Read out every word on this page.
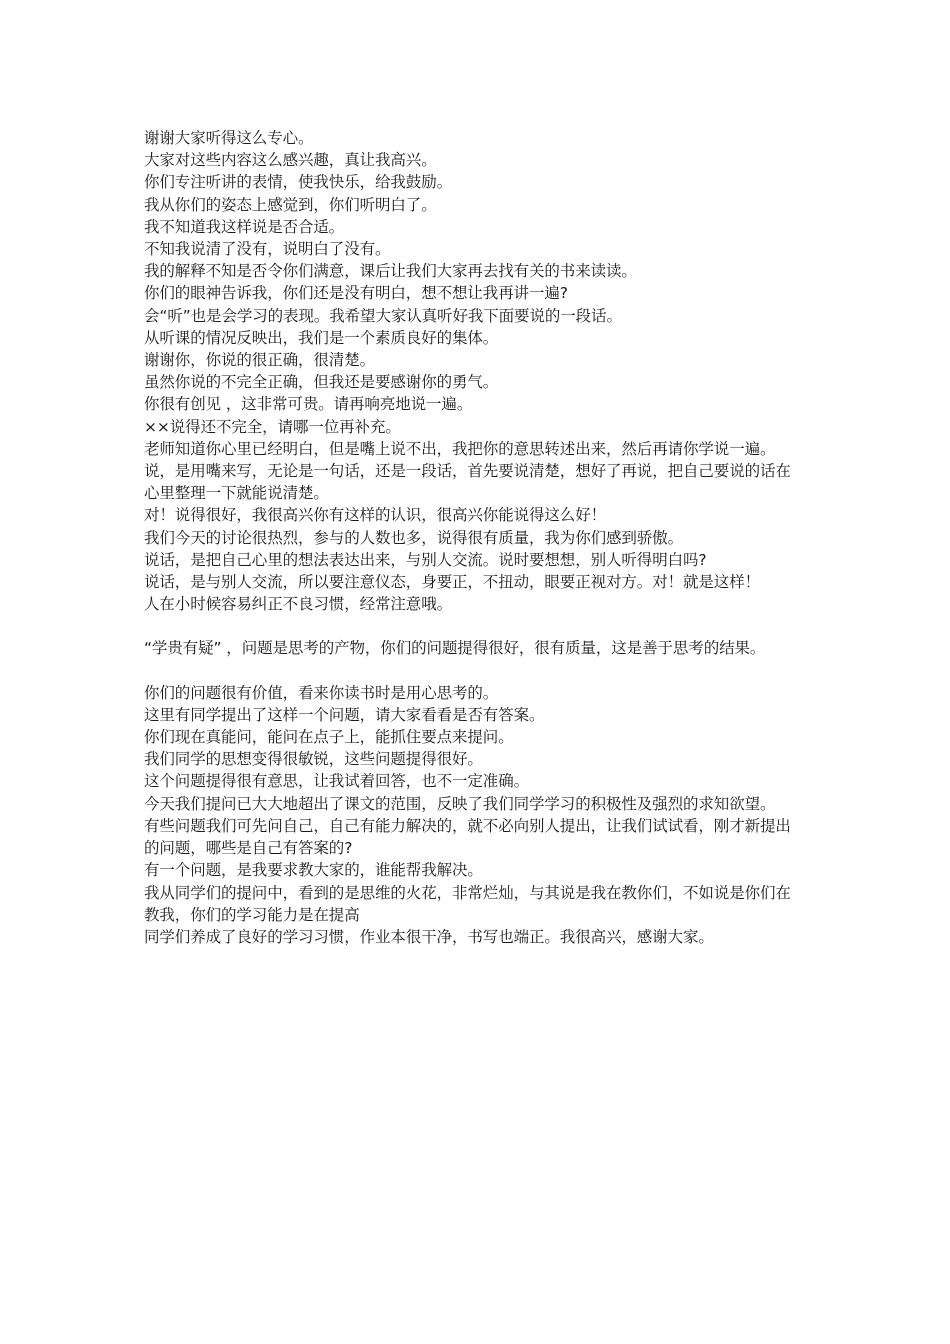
谢谢大家听得这么专心。

大家对这些内容这么感兴趣，真让我高兴。

你们专注听讲的表情，使我快乐，给我鼓励。

我从你们的姿态上感觉到，你们听明白了。

我不知道我这样说是否合适。

不知我说清了没有，说明白了没有。

我的解释不知是否令你们满意，课后让我们大家再去找有关的书来读读。

你们的眼神告诉我，你们还是没有明白，想不想让我再讲一遍?

会“听”也是会学习的表现。我希望大家认真听好我下面要说的一段话。

从听课的情况反映出，我们是一个素质良好的集体。

谢谢你，你说的很正确，很清楚。

虽然你说的不完全正确，但我还是要感谢你的勇气。

你很有创见 ，这非常可贵。请再响亮地说一遍。

××说得还不完全，请哪一位再补充。

老师知道你心里已经明白，但是嘴上说不出，我把你的意思转述出来，然后再请你学说一遍。

说，是用嘴来写，无论是一句话，还是一段话，首先要说清楚，想好了再说，把自己要说的话在心里整理一下就能说清楚。

对！说得很好，我很高兴你有这样的认识，很高兴你能说得这么好！

我们今天的讨论很热烈，参与的人数也多，说得很有质量，我为你们感到骄傲。

说话，是把自己心里的想法表达出来，与别人交流。说时要想想，别人听得明白吗?

说话，是与别人交流，所以要注意仪态，身要正，不扭动，眼要正视对方。对！就是这样！

人在小时候容易纠正不良习惯，经常注意哦。

“学贵有疑” ，问题是思考的产物，你们的问题提得很好，很有质量，这是善于思考的结果。

你们的问题很有价值，看来你读书时是用心思考的。

这里有同学提出了这样一个问题，请大家看看是否有答案。

你们现在真能问，能问在点子上，能抓住要点来提问。

我们同学的思想变得很敏锐，这些问题提得很好。

这个问题提得很有意思，让我试着回答，也不一定准确。

今天我们提问已大大地超出了课文的范围，反映了我们同学学习的积极性及强烈的求知欲望。

有些问题我们可先问自己，自己有能力解决的，就不必向别人提出，让我们试试看，刚才新提出的问题，哪些是自己有答案的?

有一个问题，是我要求教大家的，谁能帮我解决。

我从同学们的提问中，看到的是思维的火花，非常烂灿，与其说是我在教你们，不如说是你们在教我，你们的学习能力是在提高

同学们养成了良好的学习习惯，作业本很干净，书写也端正。我很高兴，感谢大家。
